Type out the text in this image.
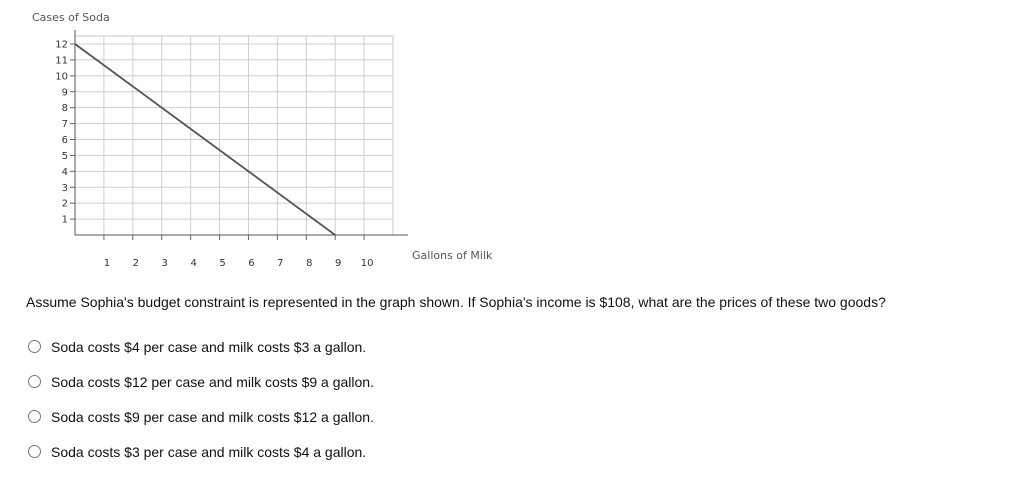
Cases of Soda
Gallons of Milk
1
2
3
4
5
6
7
8
9
10
11
12
1 2 3 4 5 6 7 8 9 10
Assume Sophia's budget constraint is represented in the graph shown. If Sophia's income is $108, what are the prices of these two goods?
Soda costs $4 per case and milk costs $3 a gallon.
Soda costs $12 per case and milk costs $9 a gallon.
Soda costs $9 per case and milk costs $12 a gallon.
Soda costs $3 per case and milk costs $4 a gallon.
